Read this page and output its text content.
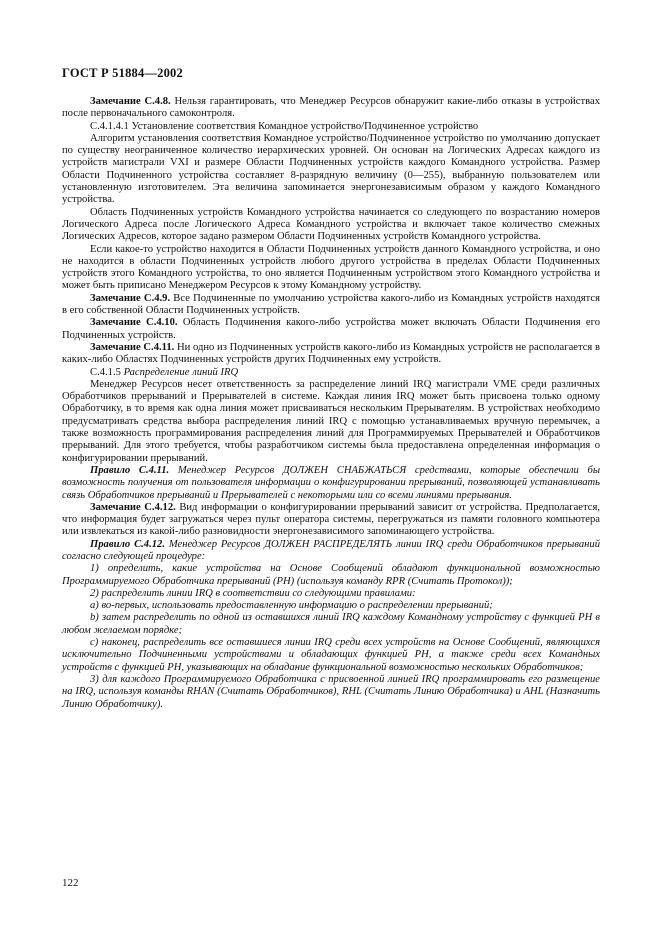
ГОСТ Р 51884—2002

Замечание С.4.8. Нельзя гарантировать, что Менеджер Ресурсов обнаружит какие-либо отказы в устройствах после первоначального самоконтроля.

С.4.1.4.1 Установление соответствия Командное устройство/Подчиненное устройство

Алгоритм установления соответствия Командное устройство/Подчиненное устройство по умолчанию допускает по существу неограниченное количество иерархических уровней. Он основан на Логических Адресах каждого из устройств магистрали VXI и размере Области Подчиненных устройств каждого Командного устройства. Размер Области Подчиненного устройства составляет 8-разрядную величину (0—255), выбранную пользователем или установленную изготовителем. Эта величина запоминается энергонезависимым образом у каждого Командного устройства.

Область Подчиненных устройств Командного устройства начинается со следующего по возрастанию номеров Логического Адреса после Логического Адреса Командного устройства и включает такое количество смежных Логических Адресов, которое задано размером Области Подчиненных устройств Командного устройства.

Если какое-то устройство находится в Области Подчиненных устройств данного Командного устройства, и оно не находится в области Подчиненных устройств любого другого устройства в пределах Области Подчиненных устройств этого Командного устройства, то оно является Подчиненным устройством этого Командного устройства и может быть приписано Менеджером Ресурсов к этому Командному устройству.

Замечание С.4.9. Все Подчиненные по умолчанию устройства какого-либо из Командных устройств находятся в его собственной Области Подчиненных устройств.

Замечание С.4.10. Область Подчинения какого-либо устройства может включать Области Подчинения его Подчиненных устройств.

Замечание С.4.11. Ни одно из Подчиненных устройств какого-либо из Командных устройств не располагается в каких-либо Областях Подчиненных устройств других Подчиненных ему устройств.

С.4.1.5 Распределение линий IRQ

Менеджер Ресурсов несет ответственность за распределение линий IRQ магистрали VME среди различных Обработчиков прерываний и Прерывателей в системе. Каждая линия IRQ может быть присвоена только одному Обработчику, в то время как одна линия может присваиваться нескольким Прерывателям. В устройствах необходимо предусматривать средства выбора распределения линий IRQ с помощью устанавливаемых вручную перемычек, а также возможность программирования распределения линий для Программируемых Прерывателей и Обработчиков прерываний. Для этого требуется, чтобы разработчиком системы была предоставлена определенная информация о конфигурировании прерываний.

Правило С.4.11. Менеджер Ресурсов ДОЛЖЕН СНАБЖАТЬСЯ средствами, которые обеспечили бы возможность получения от пользователя информации о конфигурировании прерываний, позволяющей устанавливать связь Обработчиков прерываний и Прерывателей с некоторыми или со всеми линиями прерывания.

Замечание С.4.12. Вид информации о конфигурировании прерываний зависит от устройства. Предполагается, что информация будет загружаться через пульт оператора системы, перегружаться из памяти головного компьютера или извлекаться из какой-либо разновидности энергонезависимого запоминающего устройства.

Правило С.4.12. Менеджер Ресурсов ДОЛЖЕН РАСПРЕДЕЛЯТЬ линии IRQ среди Обработчиков прерываний согласно следующей процедуре:

1) определить, какие устройства на Основе Сообщений обладают функциональной возможностью Программируемого Обработчика прерываний (PH) (используя команду RPR (Считать Протокол));

2) распределить линии IRQ в соответствии со следующими правилами:

а) во-первых, использовать предоставленную информацию о распределении прерываний;

b) затем распределить по одной из оставшихся линий IRQ каждому Командному устройству с функцией PH в любом желаемом порядке;

с) наконец, распределить все оставшиеся линии IRQ среди всех устройств на Основе Сообщений, являющихся исключительно Подчиненными устройствами и обладающих функцией PH, а также среди всех Командных устройств с функцией PH, указывающих на обладание функциональной возможностью нескольких Обработчиков;

3) для каждого Программируемого Обработчика с присвоенной линией IRQ программировать его размещение на IRQ, используя команды RHAN (Считать Обработчиков), RHL (Считать Линию Обработчика) и AHL (Назначить Линию Обработчику).

122
